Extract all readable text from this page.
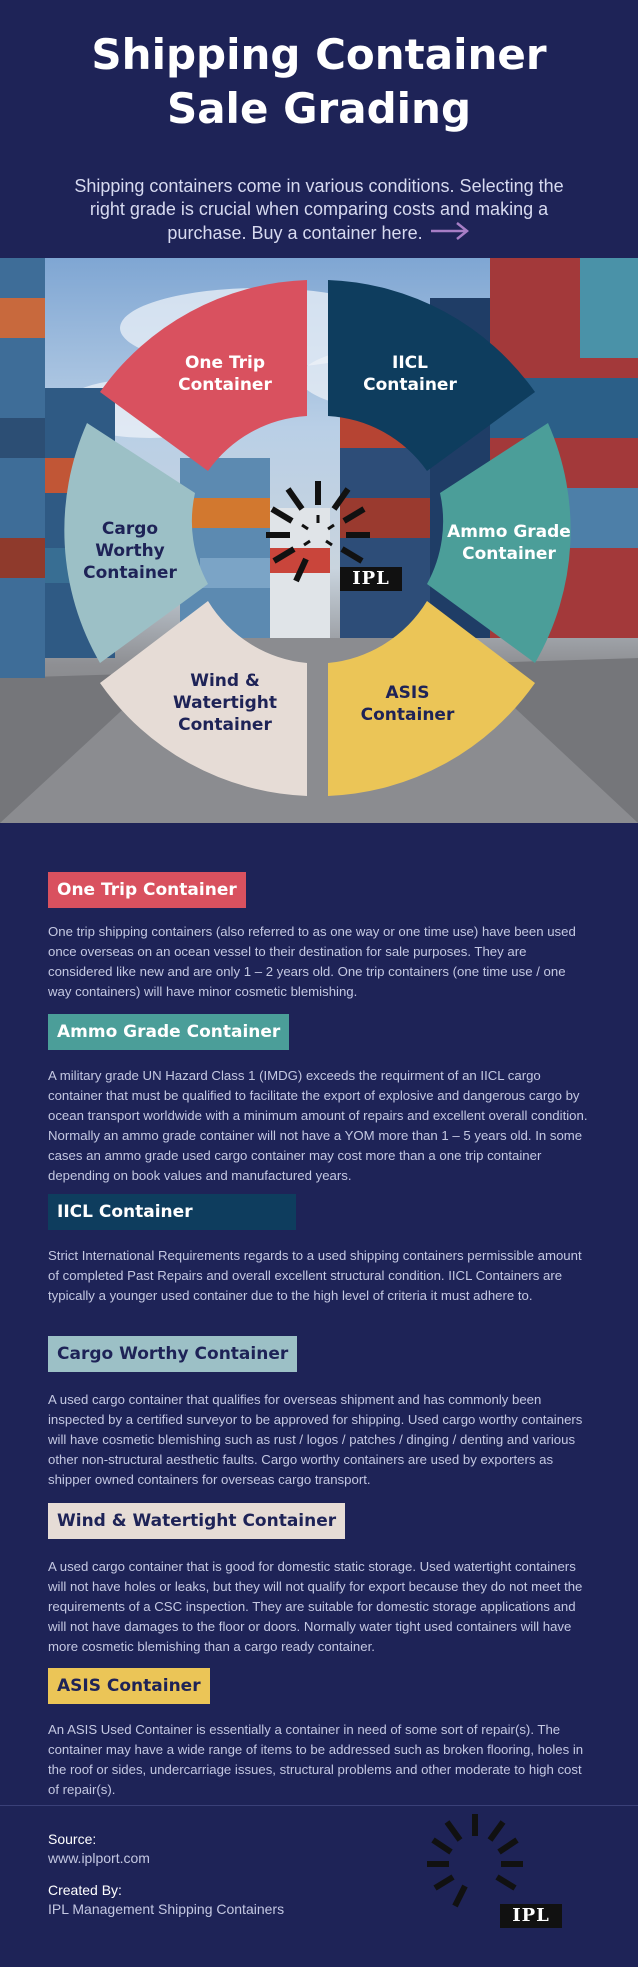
Shipping Container
Sale Grading
Shipping containers come in various conditions. Selecting the right grade is crucial when comparing costs and making a purchase. Buy a container here.
IPL
One Trip
Container
IICL
Container
Ammo Grade
Container
Cargo
Worthy
Container
Wind &
Watertight
Container
ASIS
Container
One Trip Container
One trip shipping containers (also referred to as one way or one time use) have been used once overseas on an ocean vessel to their destination for sale purposes. They are considered like new and are only 1 – 2 years old. One trip containers (one time use / one way containers) will have minor cosmetic blemishing.
Ammo Grade Container
A military grade UN Hazard Class 1 (IMDG) exceeds the requirment of an IICL cargo container that must be qualified to facilitate the export of explosive and dangerous cargo by ocean transport worldwide with a minimum amount of repairs and excellent overall condition. Normally an ammo grade container will not have a YOM more than 1 – 5 years old. In some cases an ammo grade used cargo container may cost more than a one trip container depending on book values and manufactured years.
IICL Container
Strict International Requirements regards to a used shipping containers permissible amount of completed Past Repairs and overall excellent structural condition. IICL Containers are typically a younger used container due to the high level of criteria it must adhere to.
Cargo Worthy Container
A used cargo container that qualifies for overseas shipment and has commonly been inspected by a certified surveyor to be approved for shipping. Used cargo worthy containers will have cosmetic blemishing such as rust / logos / patches / dinging / denting and various other non-structural aesthetic faults. Cargo worthy containers are used by exporters as shipper owned containers for overseas cargo transport.
Wind & Watertight Container
A used cargo container that is good for domestic static storage. Used watertight containers will not have holes or leaks, but they will not qualify for export because they do not meet the requirements of a CSC inspection. They are suitable for domestic storage applications and will not have damages to the floor or doors. Normally water tight used containers will have more cosmetic blemishing than a cargo ready container.
ASIS Container
An ASIS Used Container is essentially a container in need of some sort of repair(s). The container may have a wide range of items to be addressed such as broken flooring, holes in the roof or sides, undercarriage issues, structural problems and other moderate to high cost of repair(s).
Source:
www.iplport.com
Created By:
IPL Management Shipping Containers	IPL
